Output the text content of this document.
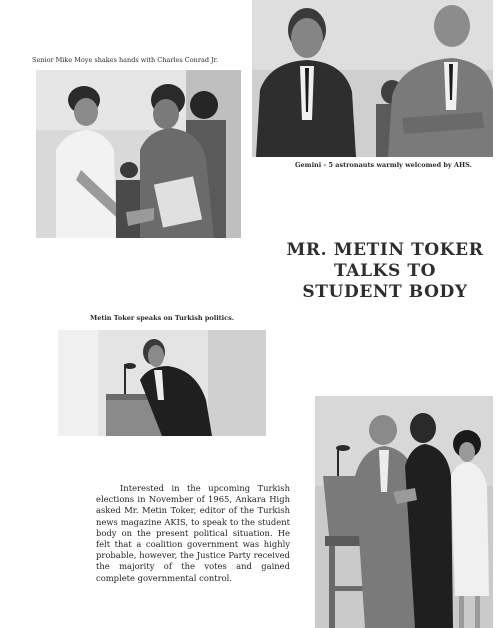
Senior Mike Moye shakes hands with Charles Conrad Jr.
Gemini - 5 astronauts warmly welcomed by AHS.
MR. METIN TOKER
TALKS TO
STUDENT BODY
Metin Toker speaks on Turkish politics.

Interested in the upcoming Turkish elections in November of 1965, Ankara High asked Mr. Metin Toker, editor of the Turkish news magazine AKIS, to speak to the student body on the present political situation. He felt that a coalition government was highly probable, however, the Justice Party received the majority of the votes and gained complete governmental control.
